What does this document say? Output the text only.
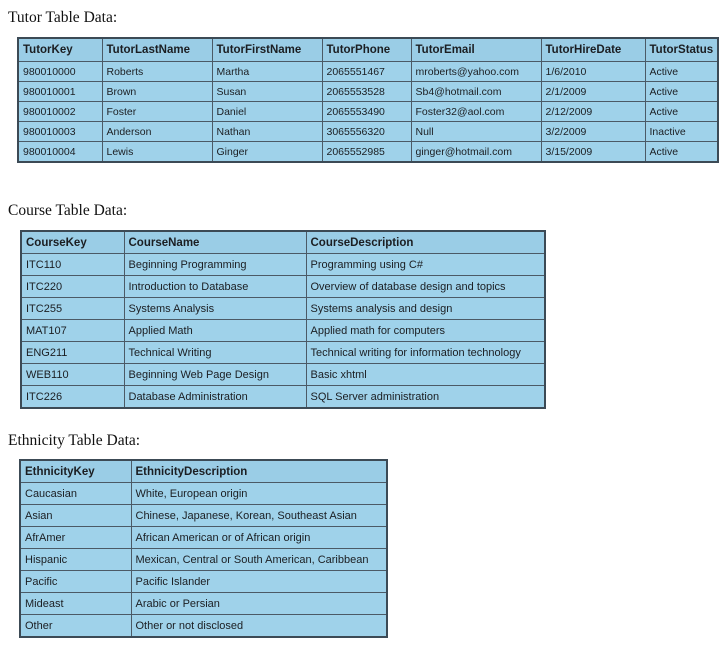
Tutor Table Data:
TutorKey	TutorLastName	TutorFirstName	TutorPhone	TutorEmail	TutorHireDate	TutorStatus
980010000	Roberts	Martha	2065551467	mroberts@yahoo.com	1/6/2010	Active
980010001	Brown	Susan	2065553528	Sb4@hotmail.com	2/1/2009	Active
980010002	Foster	Daniel	2065553490	Foster32@aol.com	2/12/2009	Active
980010003	Anderson	Nathan	3065556320	Null	3/2/2009	Inactive
980010004	Lewis	Ginger	2065552985	ginger@hotmail.com	3/15/2009	Active
Course Table Data:
CourseKey	CourseName	CourseDescription
ITC110	Beginning Programming	Programming using C#
ITC220	Introduction to Database	Overview of database design and topics
ITC255	Systems Analysis	Systems analysis and design
MAT107	Applied Math	Applied math for computers
ENG211	Technical Writing	Technical writing for information technology
WEB110	Beginning Web Page Design	Basic xhtml
ITC226	Database Administration	SQL Server administration
Ethnicity Table Data:
EthnicityKey	EthnicityDescription
Caucasian	White, European origin
Asian	Chinese, Japanese, Korean, Southeast Asian
AfrAmer	African American or of African origin
Hispanic	Mexican, Central or South American, Caribbean
Pacific	Pacific Islander
Mideast	Arabic or Persian
Other	Other or not disclosed
